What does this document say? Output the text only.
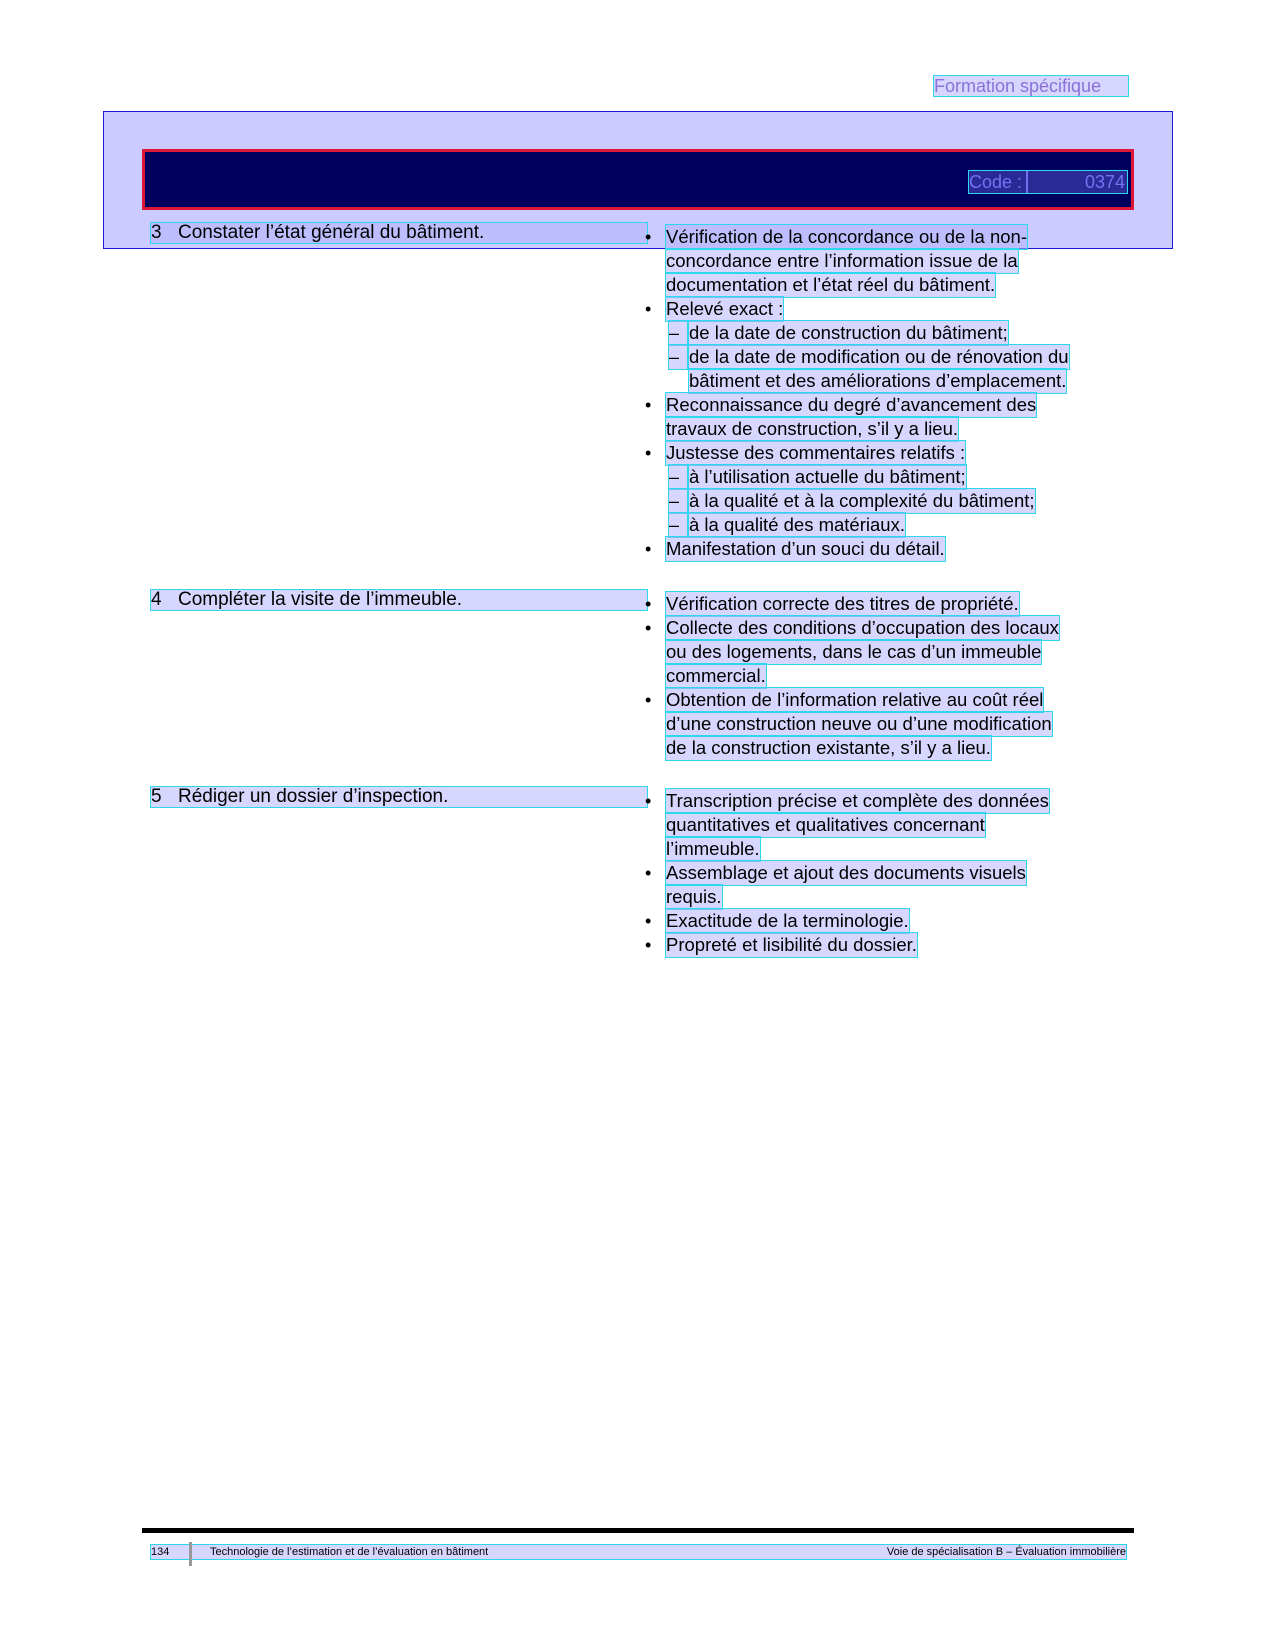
Formation spécifique
Code :	0374
3 Constater l’état général du bâtiment.	• Vérification de la concordance ou de la non-
concordance entre l’information issue de la
documentation et l’état réel du bâtiment.
• Relevé exact :
– de la date de construction du bâtiment;
– de la date de modification ou de rénovation du
bâtiment et des améliorations d’emplacement.
• Reconnaissance du degré d’avancement des
travaux de construction, s’il y a lieu.
• Justesse des commentaires relatifs :
– à l’utilisation actuelle du bâtiment;
– à la qualité et à la complexité du bâtiment;
– à la qualité des matériaux.
• Manifestation d’un souci du détail.
4 Compléter la visite de l’immeuble.	• Vérification correcte des titres de propriété.
• Collecte des conditions d’occupation des locaux
ou des logements, dans le cas d’un immeuble
commercial.
• Obtention de l’information relative au coût réel
d’une construction neuve ou d’une modification
de la construction existante, s’il y a lieu.
5 Rédiger un dossier d’inspection.	• Transcription précise et complète des données
quantitatives et qualitatives concernant
l’immeuble.
• Assemblage et ajout des documents visuels
requis.
• Exactitude de la terminologie.
• Propreté et lisibilité du dossier.
134	Technologie de l’estimation et de l’évaluation en bâtiment	Voie de spécialisation B – Évaluation immobilière
